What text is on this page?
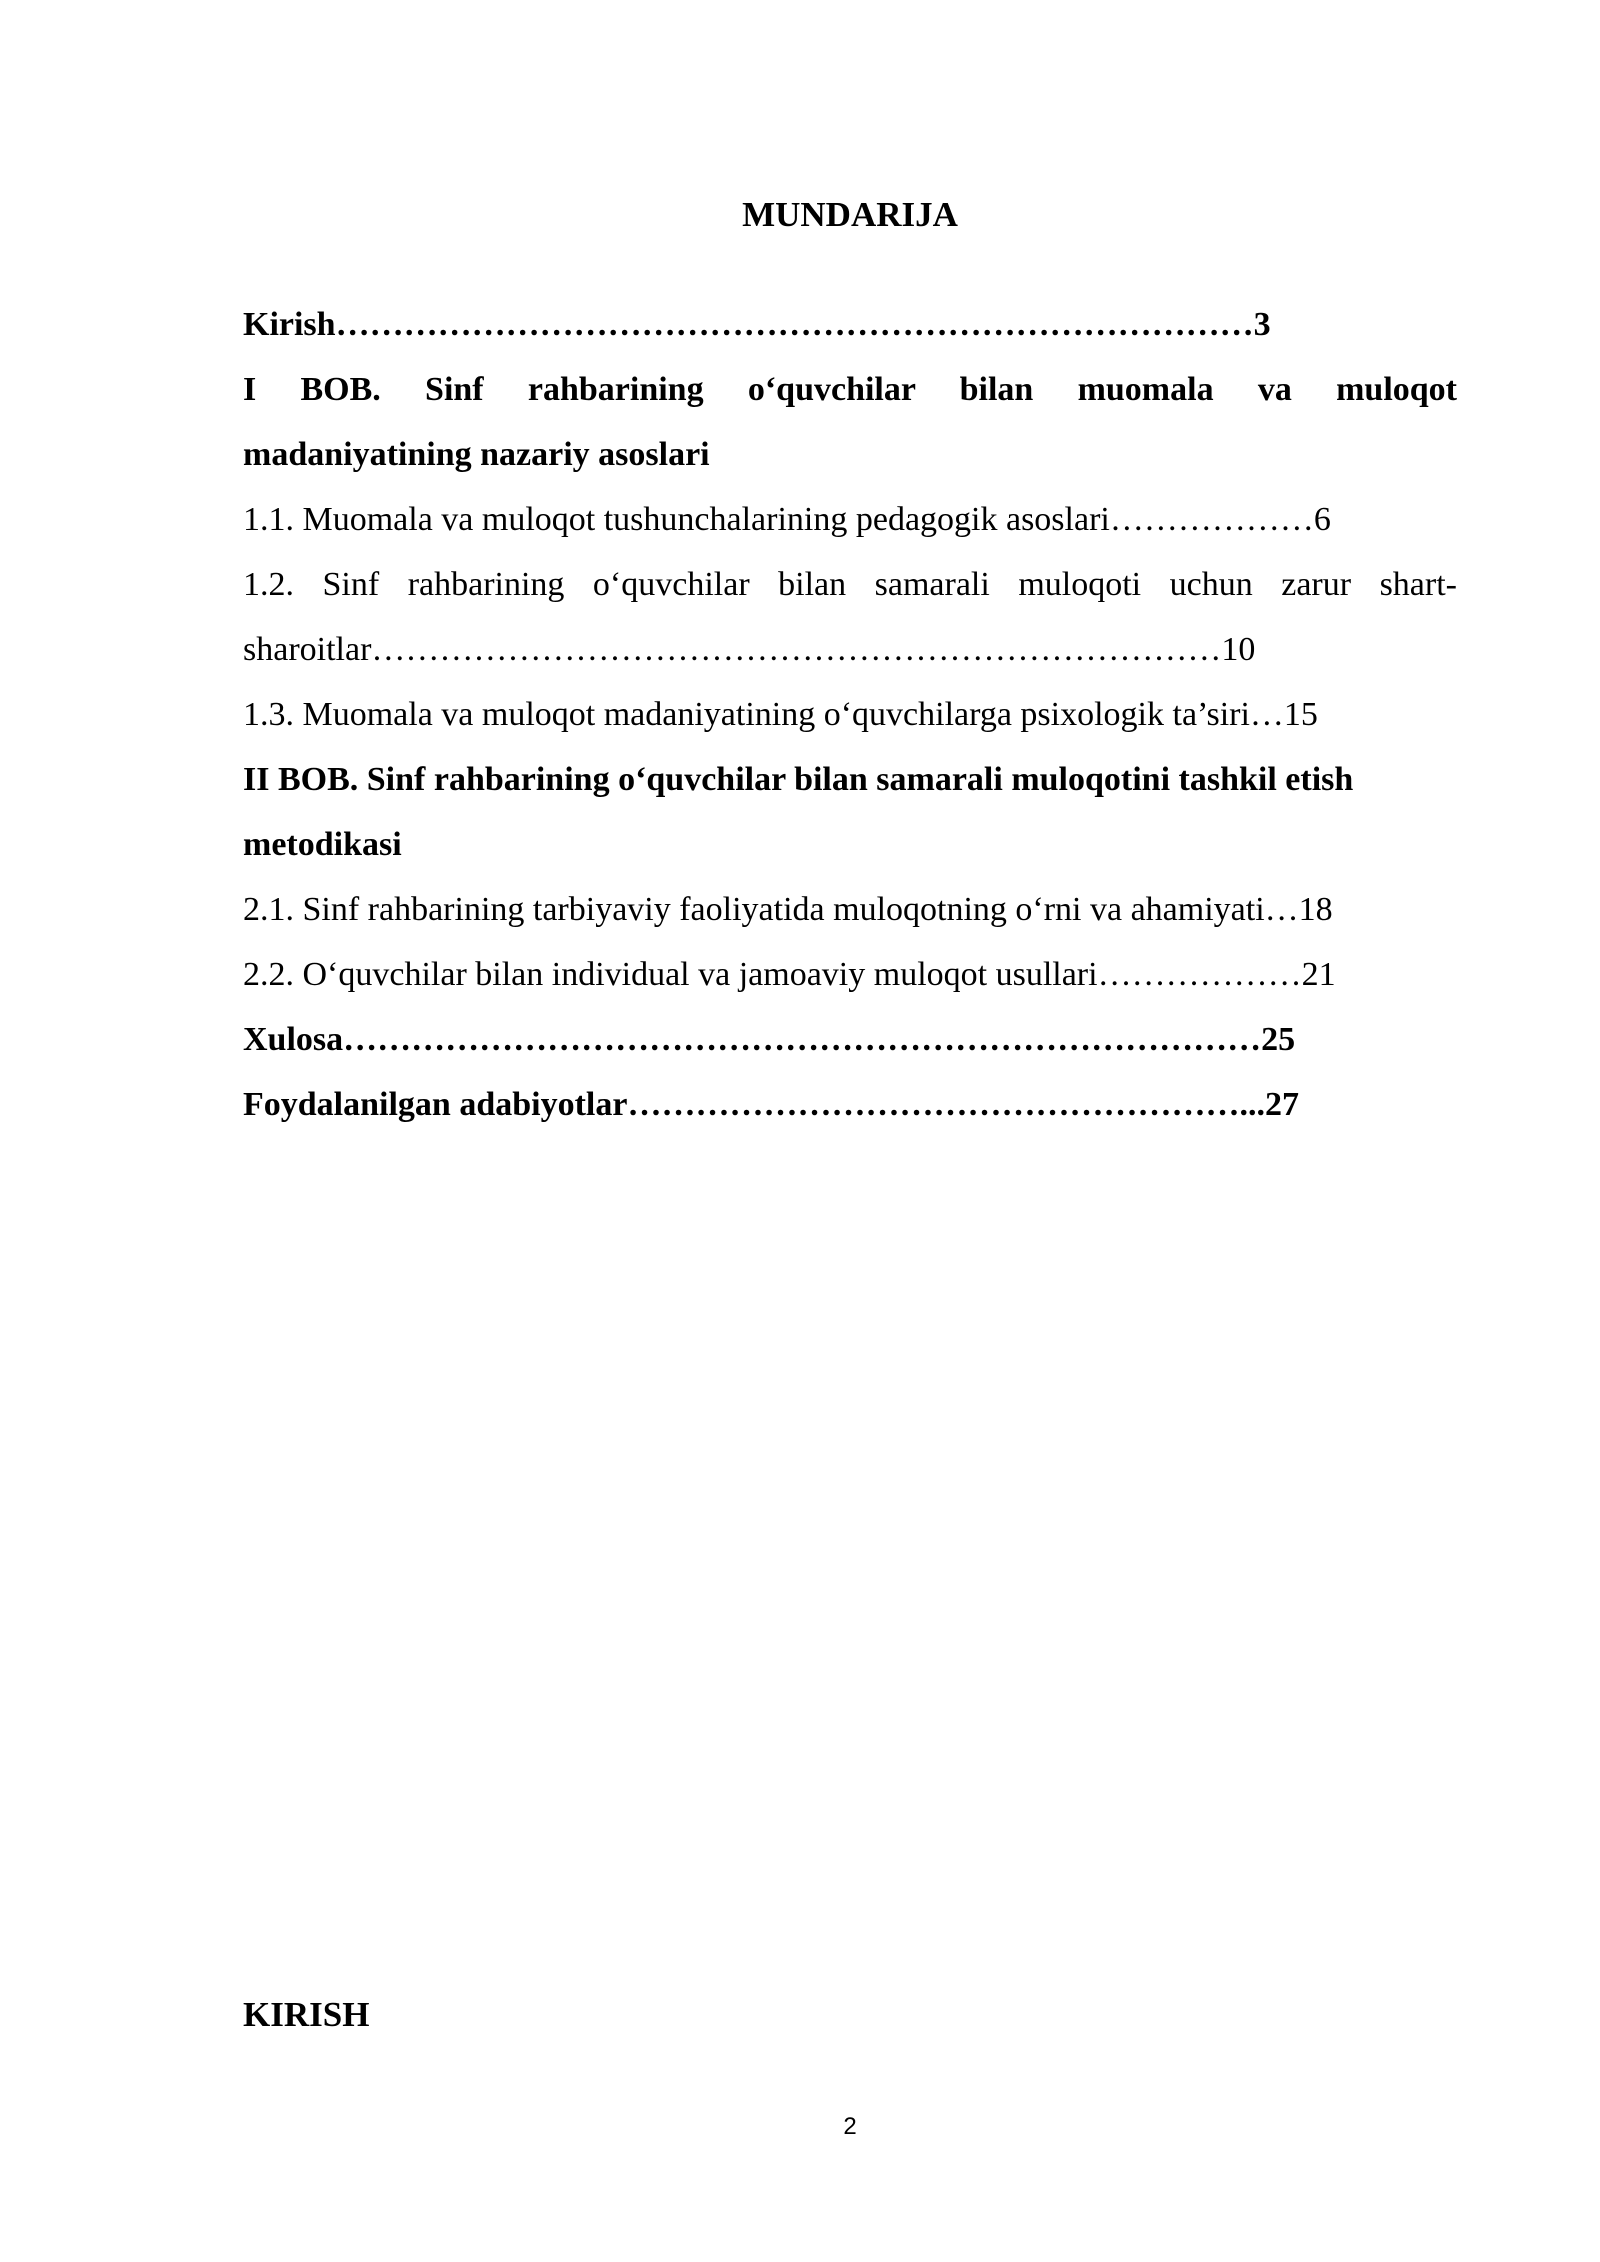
MUNDARIJA
Kirish………………………………………………………………………3
I BOB. Sinf rahbarining o‘quvchilar bilan muomala va muloqot
madaniyatining nazariy asoslari
1.1. Muomala va muloqot tushunchalarining pedagogik asoslari………………6
1.2. Sinf rahbarining o‘quvchilar bilan samarali muloqoti uchun zarur shart-
sharoitlar…………………………………………………………………10
1.3. Muomala va muloqot madaniyatining o‘quvchilarga psixologik ta’siri…15
II BOB. Sinf rahbarining o‘quvchilar bilan samarali muloqotini tashkil etish
metodikasi
2.1. Sinf rahbarining tarbiyaviy faoliyatida muloqotning o‘rni va ahamiyati…18
2.2. O‘quvchilar bilan individual va jamoaviy muloqot usullari………………21
Xulosa………………………………………………………………………25
Foydalanilgan adabiyotlar………………………………………………...27
KIRISH
2
